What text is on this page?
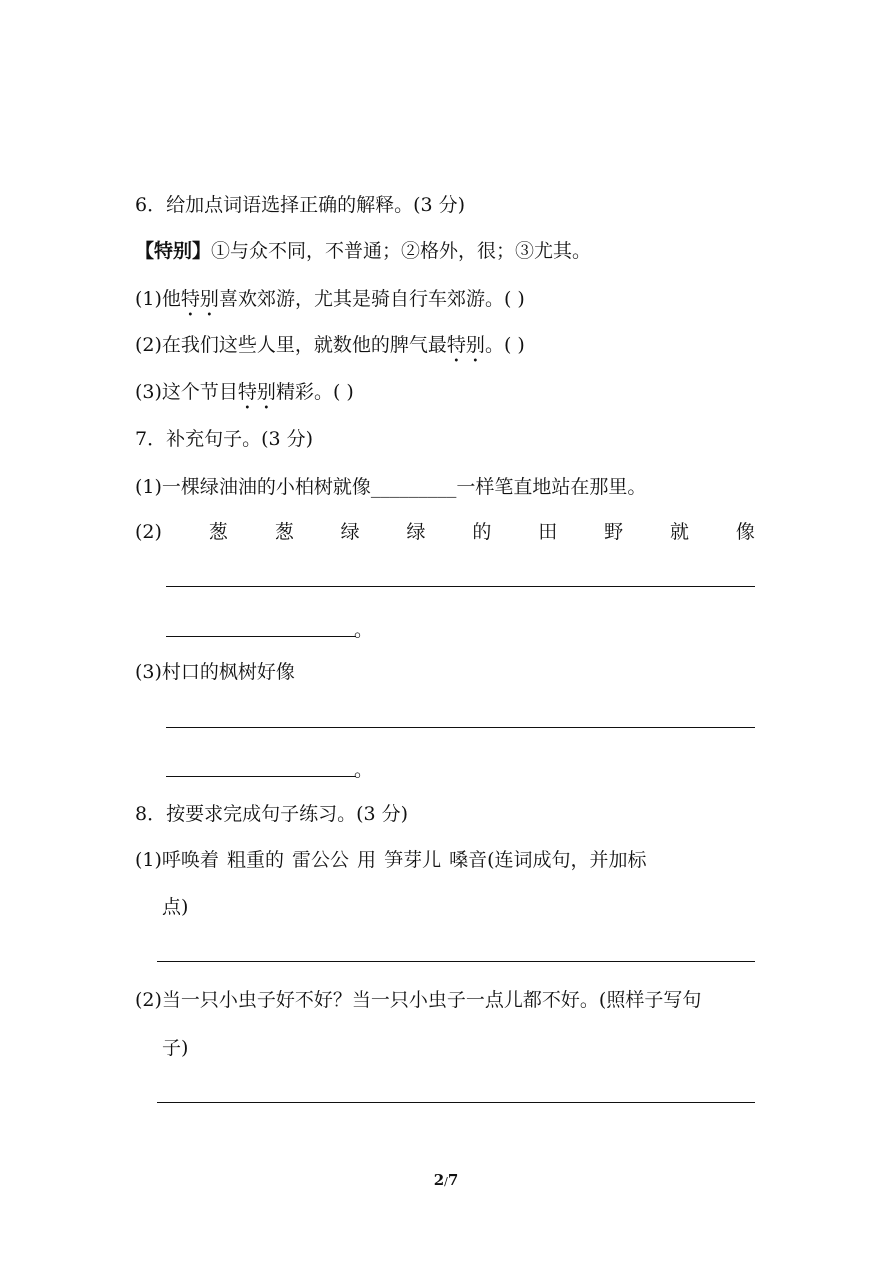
6．给加点词语选择正确的解释。(3 分)
【特别】①与众不同，不普通；②格外，很；③尤其。
(1)他特别喜欢郊游，尤其是骑自行车郊游。( )
(2)在我们这些人里，就数他的脾气最特别。( )
(3)这个节目特别精彩。( )
7．补充句子。(3 分)
(1)一棵绿油油的小柏树就像_________一样笔直地站在那里。
(2) 葱 葱 绿 绿 的 田 野 就 像
。
(3)村口的枫树好像
。
8．按要求完成句子练习。(3 分)
(1)呼唤着 粗重的 雷公公 用 笋芽儿 嗓音(连词成句，并加标
点)
(2)当一只小虫子好不好？当一只小虫子一点儿都不好。(照样子写句
子)
2/7
